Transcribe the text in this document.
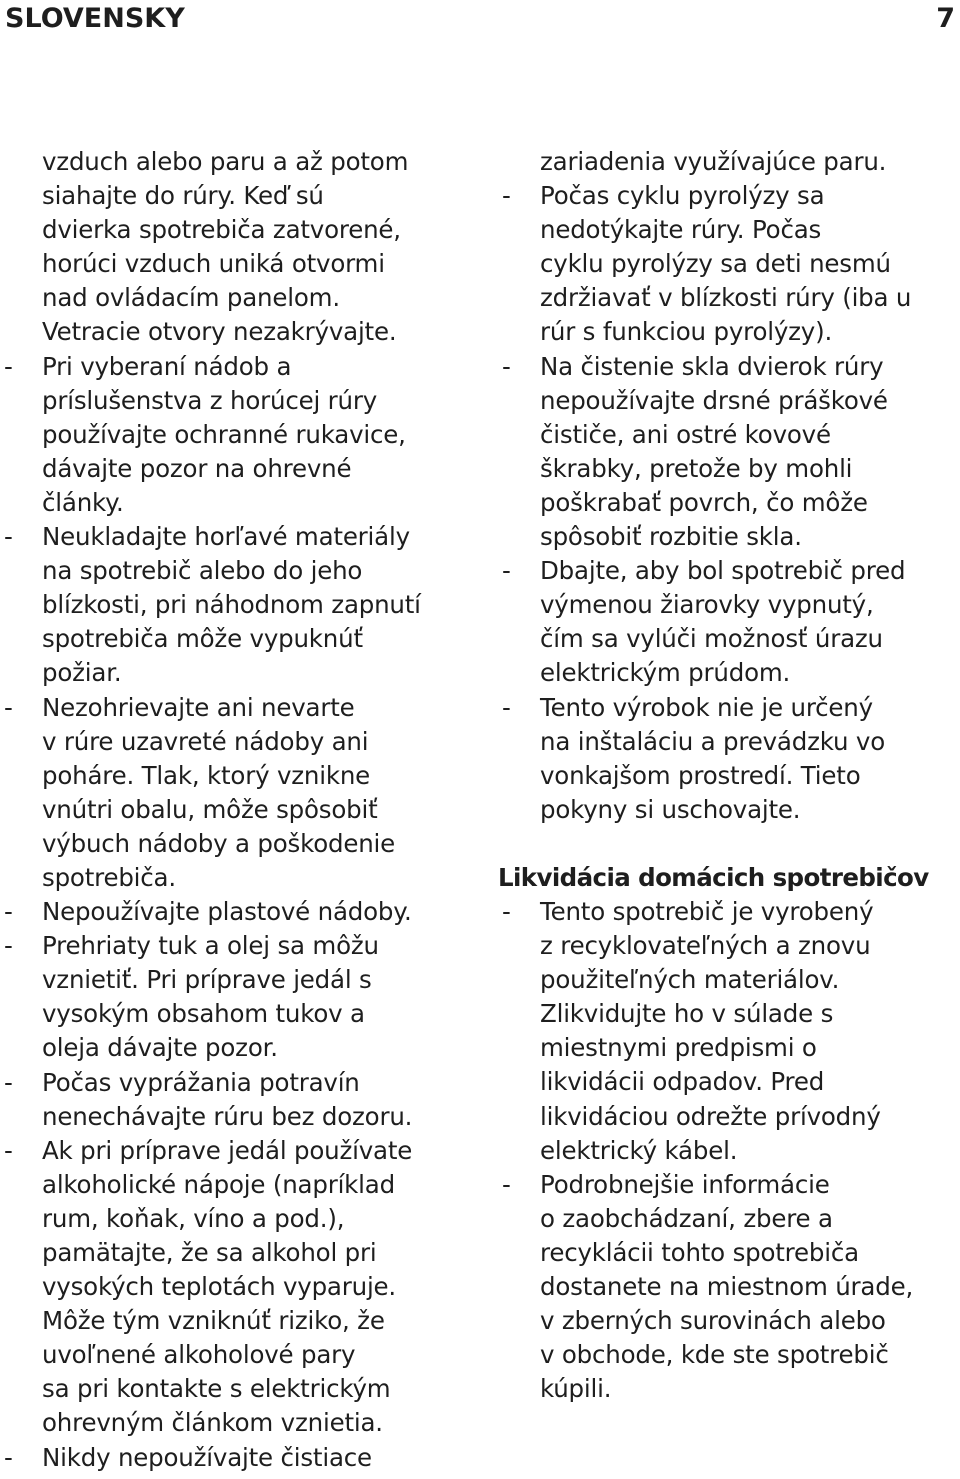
SLOVENSKY	7
vzduch alebo paru a až potom
siahajte do rúry. Keď sú
dvierka spotrebiča zatvorené,
horúci vzduch uniká otvormi
nad ovládacím panelom.
Vetracie otvory nezakrývajte.
- Pri vyberaní nádob a
príslušenstva z horúcej rúry
používajte ochranné rukavice,
dávajte pozor na ohrevné
články.
- Neukladajte horľavé materiály
na spotrebič alebo do jeho
blízkosti, pri náhodnom zapnutí
spotrebiča môže vypuknúť
požiar.
- Nezohrievajte ani nevarte
v rúre uzavreté nádoby ani
poháre. Tlak, ktorý vznikne
vnútri obalu, môže spôsobiť
výbuch nádoby a poškodenie
spotrebiča.
- Nepoužívajte plastové nádoby.
- Prehriaty tuk a olej sa môžu
vznietiť. Pri príprave jedál s
vysokým obsahom tukov a
oleja dávajte pozor.
- Počas vyprážania potravín
nenechávajte rúru bez dozoru.
- Ak pri príprave jedál používate
alkoholické nápoje (napríklad
rum, koňak, víno a pod.),
pamätajte, že sa alkohol pri
vysokých teplotách vyparuje.
Môže tým vzniknúť riziko, že
uvoľnené alkoholové pary
sa pri kontakte s elektrickým
ohrevným článkom vznietia.
- Nikdy nepoužívajte čistiace
zariadenia využívajúce paru.
- Počas cyklu pyrolýzy sa
nedotýkajte rúry. Počas
cyklu pyrolýzy sa deti nesmú
zdržiavať v blízkosti rúry (iba u
rúr s funkciou pyrolýzy).
- Na čistenie skla dvierok rúry
nepoužívajte drsné práškové
čističe, ani ostré kovové
škrabky, pretože by mohli
poškrabať povrch, čo môže
spôsobiť rozbitie skla.
- Dbajte, aby bol spotrebič pred
výmenou žiarovky vypnutý,
čím sa vylúči možnosť úrazu
elektrickým prúdom.
- Tento výrobok nie je určený
na inštaláciu a prevádzku vo
vonkajšom prostredí. Tieto
pokyny si uschovajte.
Likvidácia domácich spotrebičov
- Tento spotrebič je vyrobený
z recyklovateľných a znovu
použiteľných materiálov.
Zlikvidujte ho v súlade s
miestnymi predpismi o
likvidácii odpadov. Pred
likvidáciou odrežte prívodný
elektrický kábel.
- Podrobnejšie informácie
o zaobchádzaní, zbere a
recyklácii tohto spotrebiča
dostanete na miestnom úrade,
v zberných surovinách alebo
v obchode, kde ste spotrebič
kúpili.
